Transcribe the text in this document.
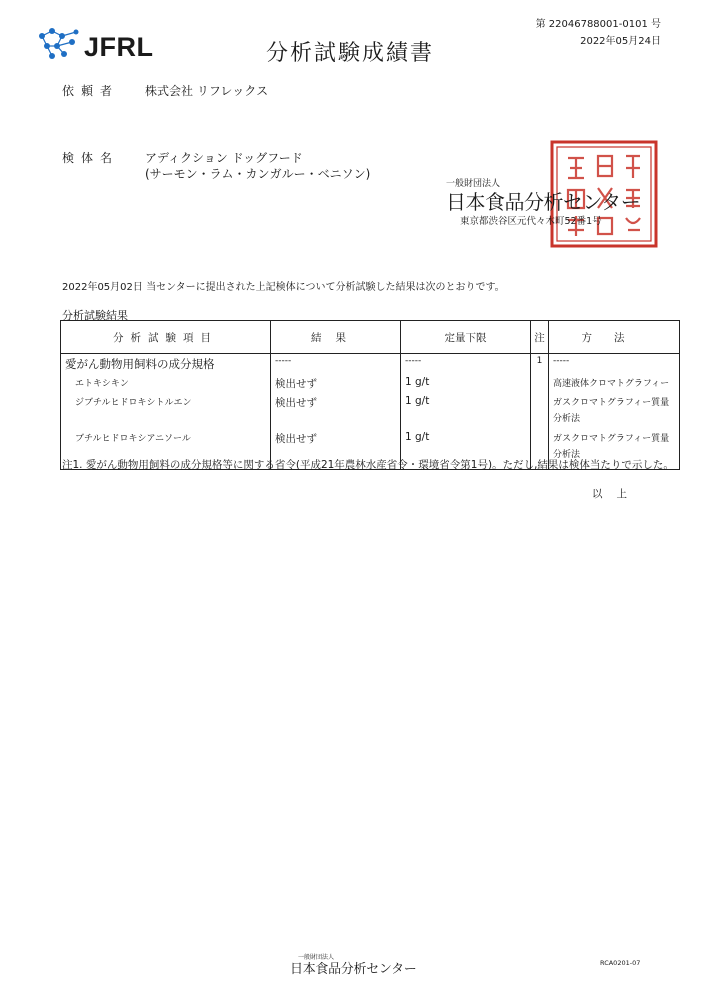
JFRL	分析試験成績書
第 22046788001-0101 号
2022年05月24日
依頼者 株式会社 リフレックス
検体名 アディクション ドッグフード
(サーモン・ラム・カンガルー・ベニソン)
一般財団法人
日本食品分析センター
東京都渋谷区元代々木町52番1号
2022年05月02日 当センターに提出された上記検体について分析試験した結果は次のとおりです。
分析試験結果
分析試験項目	結果	定量下限	注	方法
愛がん動物用飼料の成分規格	-----	-----	1	-----
エトキシキン	検出せず	1 g/t		高速液体クロマトグラフィー
ジブチルヒドロキシトルエン	検出せず	1 g/t		ガスクロマトグラフィー質量分析法
ブチルヒドロキシアニソール	検出せず	1 g/t		ガスクロマトグラフィー質量分析法
注1. 愛がん動物用飼料の成分規格等に関する省令(平成21年農林水産省令・環境省令第1号)。ただし,結果は検体当たりで示した。
以上
一般財団法人
日本食品分析センター	RCA0201-07
